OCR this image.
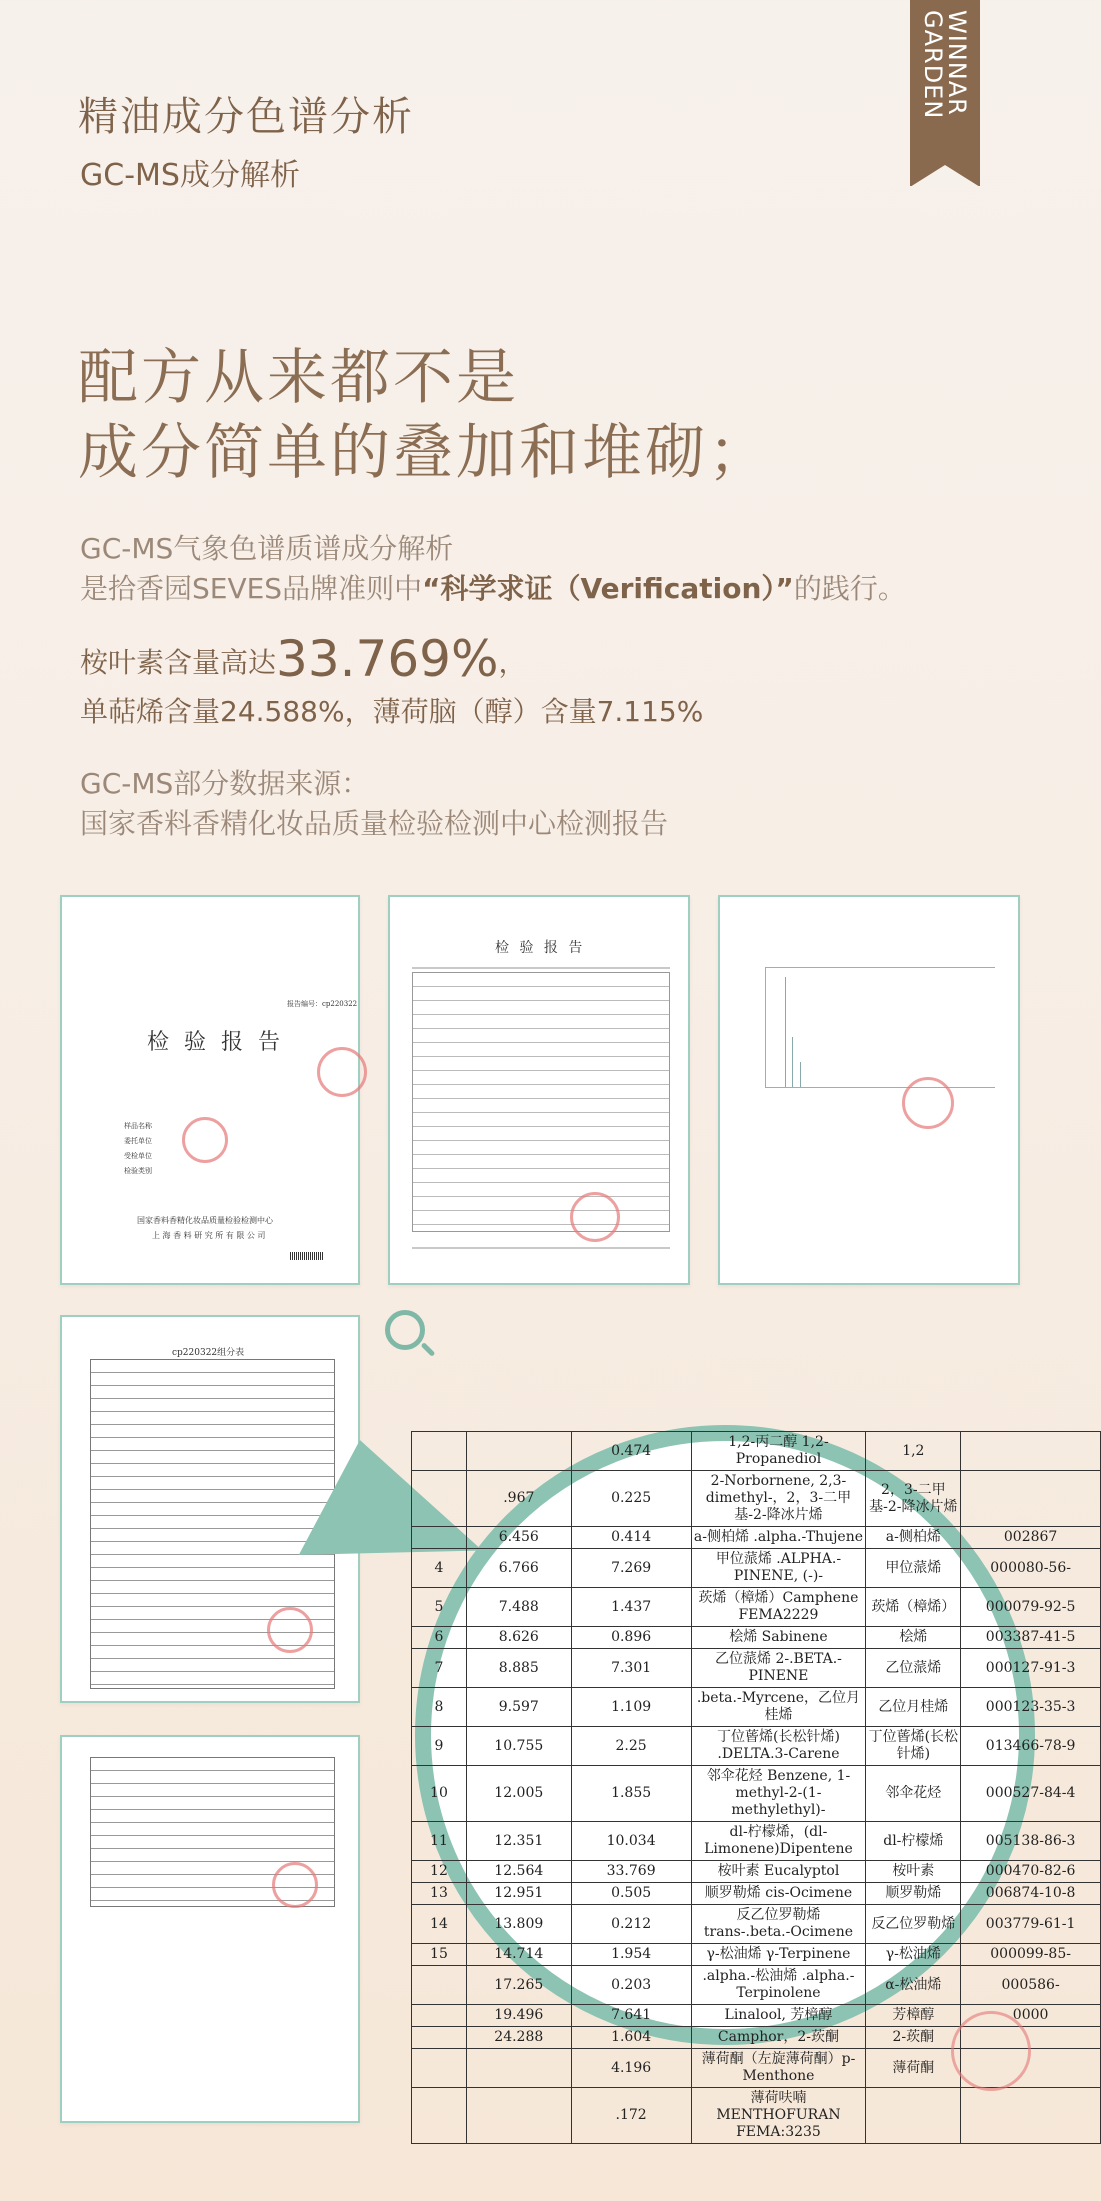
WINNAR GARDEN
精油成分色谱分析
GC-MS成分解析
配方从来都不是
成分简单的叠加和堆砌；
GC-MS气象色谱质谱成分解析
是拾香园SEVES品牌准则中“科学求证（Verification）”的践行。
桉叶素含量高达33.769%，
单萜烯含量24.588%，薄荷脑（醇）含量7.115%
GC-MS部分数据来源：
国家香料香精化妆品质量检验检测中心检测报告
报告编号：cp220322
检 验 报 告
样品名称
委托单位
受检单位
检验类别
国家香料香精化妆品质量检验检测中心
上 海 香 料 研 究 所 有 限 公 司
检 验 报 告
cp220322组分表
		0.474	1,2-丙二醇 1,2-Propanediol	1,2	
	.967	0.225	2-Norbornene, 2,3-dimethyl-，2，3-二甲基-2-降冰片烯	2，3-二甲基-2-降冰片烯	
	6.456	0.414	a-侧柏烯 .alpha.-Thujene	a-侧柏烯	002867
4	6.766	7.269	甲位蒎烯 .ALPHA.-PINENE, (-)-	甲位蒎烯	000080-56-
5	7.488	1.437	莰烯（樟烯）Camphene FEMA2229	莰烯（樟烯）	000079-92-5
6	8.626	0.896	桧烯 Sabinene	桧烯	003387-41-5
7	8.885	7.301	乙位蒎烯 2-.BETA.-PINENE	乙位蒎烯	000127-91-3
8	9.597	1.109	.beta.-Myrcene，乙位月桂烯	乙位月桂烯	000123-35-3
9	10.755	2.25	丁位蒈烯(长松针烯) .DELTA.3-Carene	丁位蒈烯(长松针烯)	013466-78-9
10	12.005	1.855	邻伞花烃 Benzene, 1-methyl-2-(1-methylethyl)-	邻伞花烃	000527-84-4
11	12.351	10.034	dl-柠檬烯，(dl-Limonene)Dipentene	dl-柠檬烯	005138-86-3
12	12.564	33.769	桉叶素 Eucalyptol	桉叶素	000470-82-6
13	12.951	0.505	顺罗勒烯 cis-Ocimene	顺罗勒烯	006874-10-8
14	13.809	0.212	反乙位罗勒烯 trans-.beta.-Ocimene	反乙位罗勒烯	003779-61-1
15	14.714	1.954	γ-松油烯 γ-Terpinene	γ-松油烯	000099-85-
	17.265	0.203	.alpha.-松油烯 .alpha.-Terpinolene	α-松油烯	000586-
	19.496	7.641	Linalool, 芳樟醇	芳樟醇	0000
	24.288	1.604	Camphor，2-莰酮	2-莰酮	
		4.196	薄荷酮（左旋薄荷酮）p-Menthone	薄荷酮	
		.172	薄荷呋喃 MENTHOFURAN FEMA:3235		
